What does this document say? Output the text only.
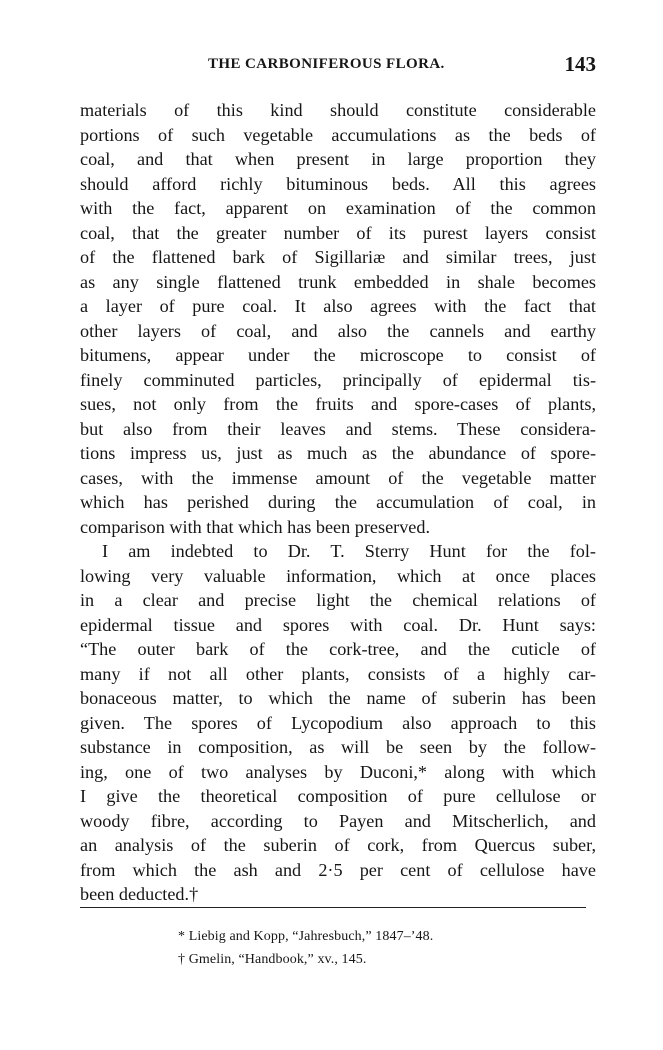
THE CARBONIFEROUS FLORA.	143
materials of this kind should constitute considerable
portions of such vegetable accumulations as the beds of
coal, and that when present in large proportion they
should afford richly bituminous beds. All this agrees
with the fact, apparent on examination of the common
coal, that the greater number of its purest layers consist
of the flattened bark of Sigillariæ and similar trees, just
as any single flattened trunk embedded in shale becomes
a layer of pure coal. It also agrees with the fact that
other layers of coal, and also the cannels and earthy
bitumens, appear under the microscope to consist of
finely comminuted particles, principally of epidermal tis-
sues, not only from the fruits and spore-cases of plants,
but also from their leaves and stems. These considera-
tions impress us, just as much as the abundance of spore-
cases, with the immense amount of the vegetable matter
which has perished during the accumulation of coal, in
comparison with that which has been preserved.
I am indebted to Dr. T. Sterry Hunt for the fol-
lowing very valuable information, which at once places
in a clear and precise light the chemical relations of
epidermal tissue and spores with coal. Dr. Hunt says:
“The outer bark of the cork-tree, and the cuticle of
many if not all other plants, consists of a highly car-
bonaceous matter, to which the name of suberin has been
given. The spores of Lycopodium also approach to this
substance in composition, as will be seen by the follow-
ing, one of two analyses by Duconi,* along with which
I give the theoretical composition of pure cellulose or
woody fibre, according to Payen and Mitscherlich, and
an analysis of the suberin of cork, from Quercus suber,
from which the ash and 2·5 per cent of cellulose have
been deducted.†
* Liebig and Kopp, “Jahresbuch,” 1847–’48.
† Gmelin, “Handbook,” xv., 145.
